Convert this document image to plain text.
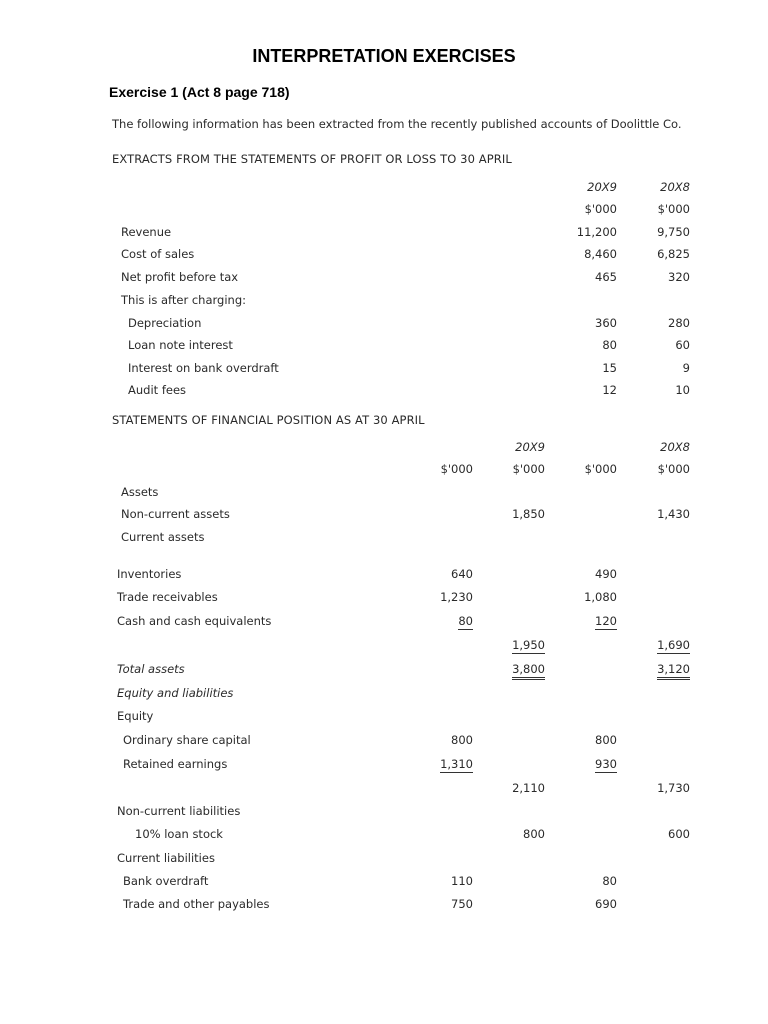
INTERPRETATION EXERCISES
Exercise 1 (Act 8 page 718)
The following information has been extracted from the recently published accounts of Doolittle Co.
EXTRACTS FROM THE STATEMENTS OF PROFIT OR LOSS TO 30 APRIL
20X9	20X8
$'000	$'000
Revenue	11,200	9,750
Cost of sales	8,460	6,825
Net profit before tax	465	320
This is after charging:
Depreciation	360	280
Loan note interest	80	60
Interest on bank overdraft	15	9
Audit fees	12	10
STATEMENTS OF FINANCIAL POSITION AS AT 30 APRIL
20X9	20X8
$'000	$'000	$'000	$'000
Assets
Non-current assets	1,850	1,430
Current assets
Inventories	640	490
Trade receivables	1,230	1,080
Cash and cash equivalents	80	120
1,950	1,690
Total assets	3,800	3,120
Equity and liabilities
Equity
Ordinary share capital	800	800
Retained earnings	1,310	930
2,110	1,730
Non-current liabilities
10% loan stock	800	600
Current liabilities
Bank overdraft	110	80
Trade and other payables	750	690
